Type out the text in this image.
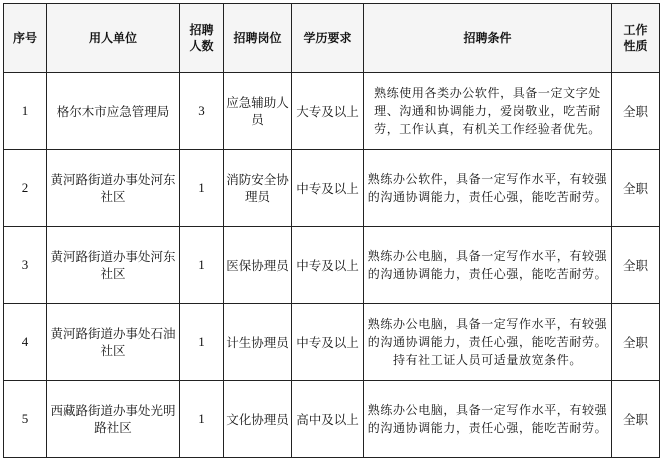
序号	用人单位	招聘人数	招聘岗位	学历要求	招聘条件	工作性质
1	格尔木市应急管理局	3	应急辅助人员	大专及以上	熟练使用各类办公软件，具备一定文字处理、沟通和协调能力，爱岗敬业，吃苦耐劳，工作认真，有机关工作经验者优先。	全职
2	黄河路街道办事处河东社区	1	消防安全协理员	中专及以上	熟练办公软件，具备一定写作水平，有较强的沟通协调能力，责任心强，能吃苦耐劳。	全职
3	黄河路街道办事处河东社区	1	医保协理员	中专及以上	熟练办公电脑，具备一定写作水平，有较强的沟通协调能力，责任心强，能吃苦耐劳。	全职
4	黄河路街道办事处石油社区	1	计生协理员	中专及以上	熟练办公电脑，具备一定写作水平，有较强的沟通协调能力，责任心强，能吃苦耐劳。持有社工证人员可适量放宽条件。	全职
5	西藏路街道办事处光明路社区	1	文化协理员	高中及以上	熟练办公电脑，具备一定写作水平，有较强的沟通协调能力，责任心强，能吃苦耐劳。	全职
